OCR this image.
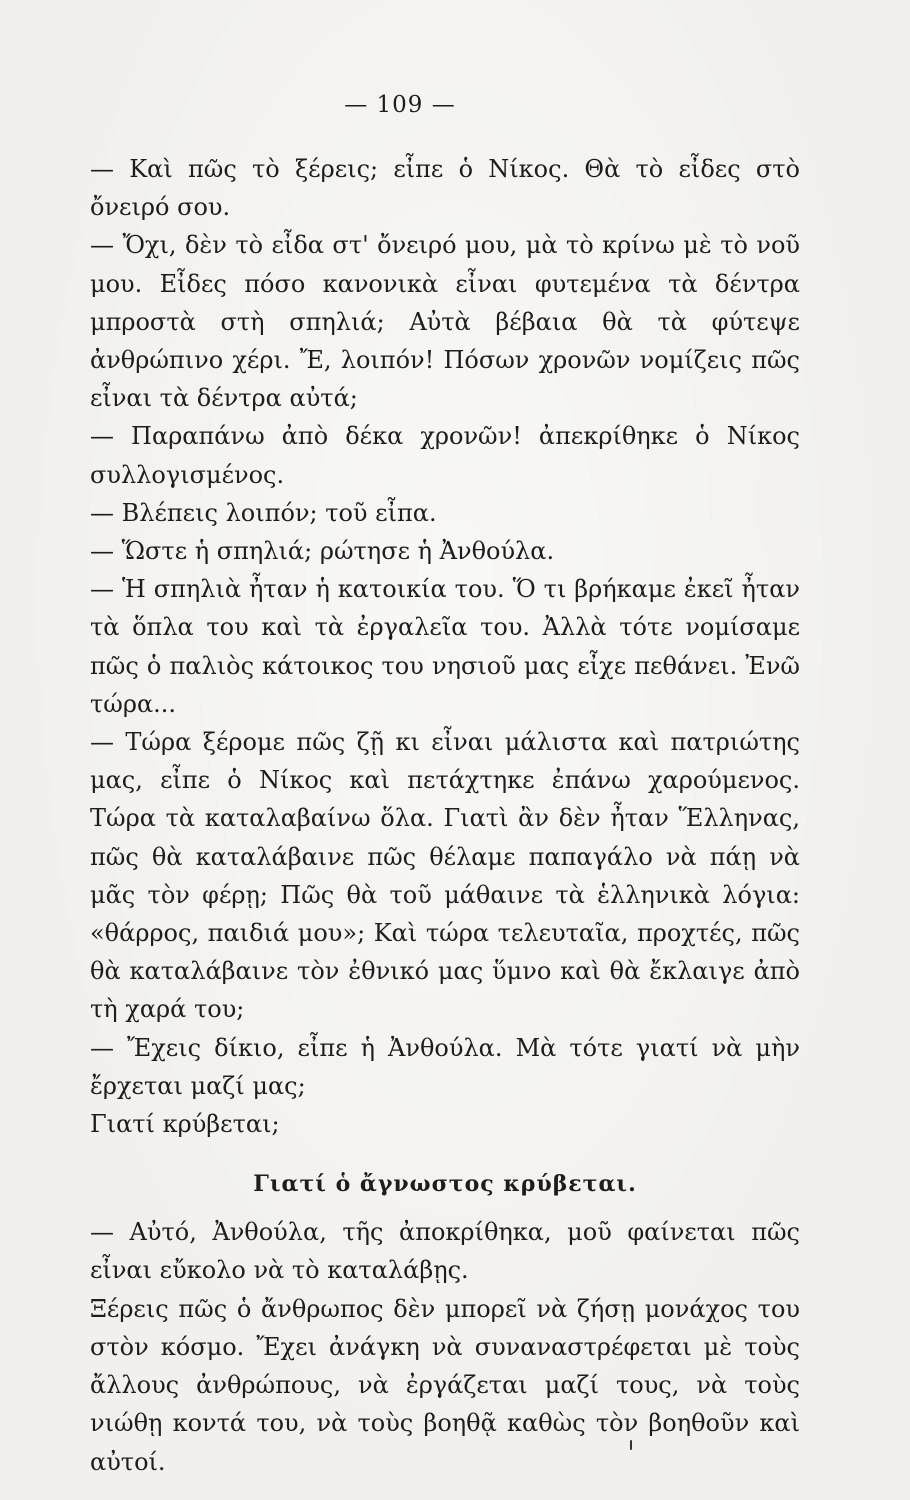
— 109 —

— Καὶ πῶς τὸ ξέρεις; εἶπε ὁ Νίκος. Θὰ τὸ εἶδες στὸ ὄνειρό σου.

— Ὄχι, δὲν τὸ εἶδα στ' ὄνειρό μου, μὰ τὸ κρίνω μὲ τὸ νοῦ μου. Εἶδες πόσο κανονικὰ εἶναι φυτεμένα τὰ δέντρα μπροστὰ στὴ σπηλιά; Αὐτὰ βέβαια θὰ τὰ φύτεψε ἀνθρώπινο χέρι. Ἔ, λοιπόν! Πόσων χρονῶν νομίζεις πῶς εἶναι τὰ δέντρα αὐτά;

— Παραπάνω ἀπὸ δέκα χρονῶν! ἀπεκρίθηκε ὁ Νίκος συλλογισμένος.

— Βλέπεις λοιπόν; τοῦ εἶπα.

— Ὥστε ἡ σπηλιά; ρώτησε ἡ Ἀνθούλα.

— Ἡ σπηλιὰ ἦταν ἡ κατοικία του. Ὅ τι βρήκαμε ἐκεῖ ἦταν τὰ ὅπλα του καὶ τὰ ἐργαλεῖα του. Ἀλλὰ τότε νομίσαμε πῶς ὁ παλιὸς κάτοικος του νησιοῦ μας εἶχε πεθάνει. Ἐνῶ τώρα...

— Τώρα ξέρομε πῶς ζῇ κι εἶναι μάλιστα καὶ πατριώτης μας, εἶπε ὁ Νίκος καὶ πετάχτηκε ἐπάνω χαρούμενος. Τώρα τὰ καταλαβαίνω ὅλα. Γιατὶ ἂν δὲν ἦταν Ἕλληνας, πῶς θὰ καταλάβαινε πῶς θέλαμε παπαγάλο νὰ πάῃ νὰ μᾶς τὸν φέρῃ; Πῶς θὰ τοῦ μάθαινε τὰ ἑλληνικὰ λόγια: «θάρρος, παιδιά μου»; Καὶ τώρα τελευταῖα, προχτές, πῶς θὰ καταλάβαινε τὸν ἐθνικό μας ὕμνο καὶ θὰ ἔκλαιγε ἀπὸ τὴ χαρά του;

— Ἔχεις δίκιο, εἶπε ἡ Ἀνθούλα. Μὰ τότε γιατί νὰ μὴν ἔρχεται μαζί μας;

Γιατί κρύβεται;

Γιατί ὁ ἄγνωστος κρύβεται.

— Αὐτό, Ἀνθούλα, τῆς ἀποκρίθηκα, μοῦ φαίνεται πῶς εἶναι εὔκολο νὰ τὸ καταλάβῃς.

Ξέρεις πῶς ὁ ἄνθρωπος δὲν μπορεῖ νὰ ζήσῃ μονάχος του στὸν κόσμο. Ἔχει ἀνάγκη νὰ συναναστρέφεται μὲ τοὺς ἄλλους ἀνθρώπους, νὰ ἐργάζεται μαζί τους, νὰ τοὺς νιώθῃ κοντά του, νὰ τοὺς βοηθᾷ καθὼς τὸν βοηθοῦν καὶ αὐτοί.
